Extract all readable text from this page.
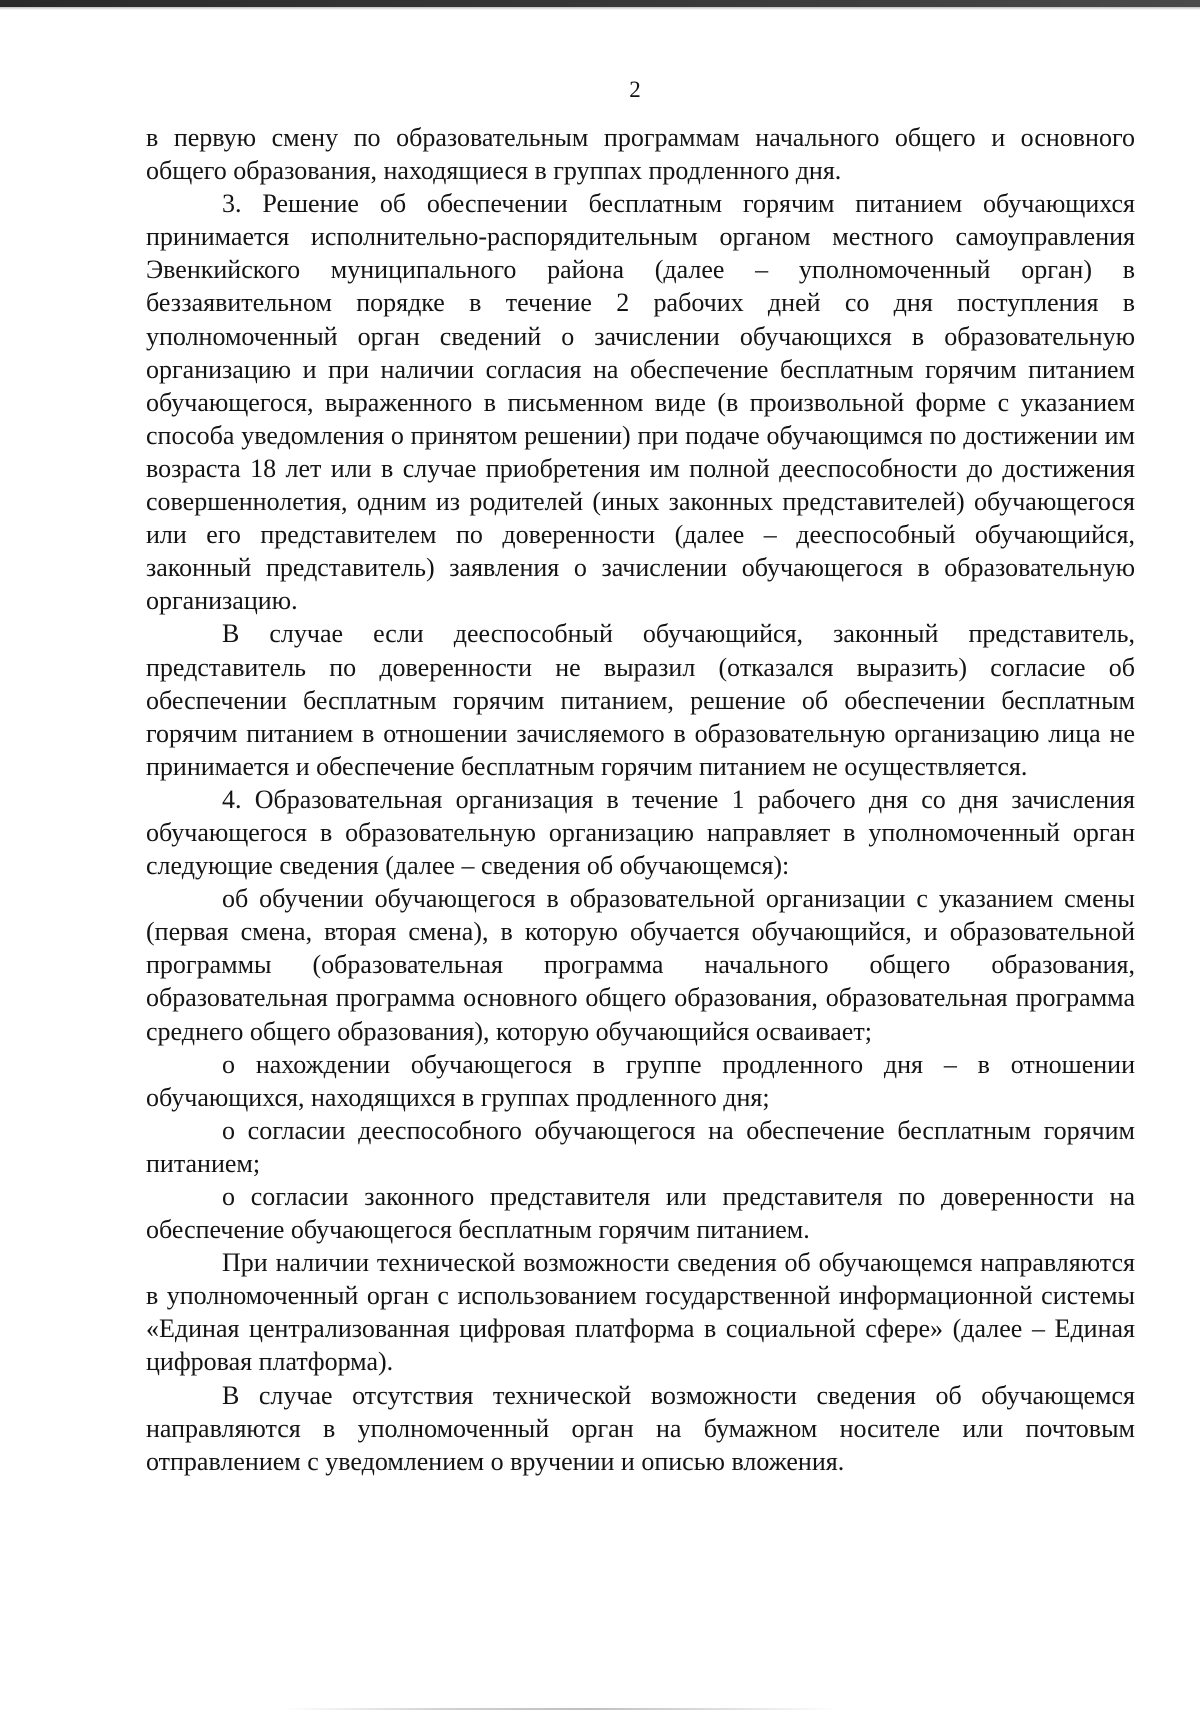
2

в первую смену по образовательным программам начального общего и основного общего образования, находящиеся в группах продленного дня.

3. Решение об обеспечении бесплатным горячим питанием обучающихся принимается исполнительно-распорядительным органом местного самоуправления Эвенкийского муниципального района (далее – уполномоченный орган) в беззаявительном порядке в течение 2 рабочих дней со дня поступления в уполномоченный орган сведений о зачислении обучающихся в образовательную организацию и при наличии согласия на обеспечение бесплатным горячим питанием обучающегося, выраженного в письменном виде (в произвольной форме с указанием способа уведомления о принятом решении) при подаче обучающимся по достижении им возраста 18 лет или в случае приобретения им полной дееспособности до достижения совершеннолетия, одним из родителей (иных законных представителей) обучающегося или его представителем по доверенности (далее – дееспособный обучающийся, законный представитель) заявления о зачислении обучающегося в образовательную организацию.

В случае если дееспособный обучающийся, законный представитель, представитель по доверенности не выразил (отказался выразить) согласие об обеспечении бесплатным горячим питанием, решение об обеспечении бесплатным горячим питанием в отношении зачисляемого в образовательную организацию лица не принимается и обеспечение бесплатным горячим питанием не осуществляется.

4. Образовательная организация в течение 1 рабочего дня со дня зачисления обучающегося в образовательную организацию направляет в уполномоченный орган следующие сведения (далее – сведения об обучающемся):

об обучении обучающегося в образовательной организации с указанием смены (первая смена, вторая смена), в которую обучается обучающийся, и образовательной программы (образовательная программа начального общего образования, образовательная программа основного общего образования, образовательная программа среднего общего образования), которую обучающийся осваивает;

о нахождении обучающегося в группе продленного дня – в отношении обучающихся, находящихся в группах продленного дня;

о согласии дееспособного обучающегося на обеспечение бесплатным горячим питанием;

о согласии законного представителя или представителя по доверенности на обеспечение обучающегося бесплатным горячим питанием.

При наличии технической возможности сведения об обучающемся направляются в уполномоченный орган с использованием государственной информационной системы «Единая централизованная цифровая платформа в социальной сфере» (далее – Единая цифровая платформа).

В случае отсутствия технической возможности сведения об обучающемся направляются в уполномоченный орган на бумажном носителе или почтовым отправлением с уведомлением о вручении и описью вложения.
